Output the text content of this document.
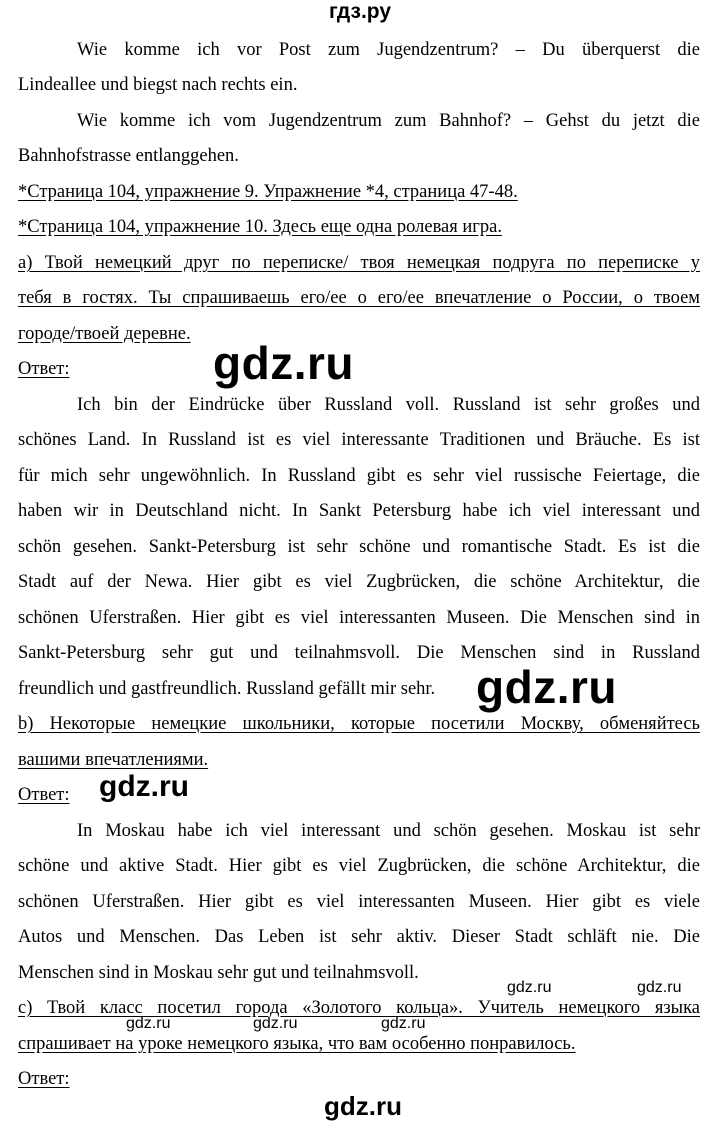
гдз.ру
Wie komme ich vor Post zum Jugendzentrum? – Du überquerst die
Lindeallee und biegst nach rechts ein.
Wie komme ich vom Jugendzentrum zum Bahnhof? – Gehst du jetzt die
Bahnhofstrasse entlanggehen.
*Страница 104, упражнение 9. Упражнение *4, страница 47-48.
*Страница 104, упражнение 10. Здесь еще одна ролевая игра.
а) Твой немецкий друг по переписке/ твоя немецкая подруга по переписке у
тебя в гостях. Ты спрашиваешь его/ее о его/ее впечатление о России, о твоем
городе/твоей деревне.
Ответ:
Ich bin der Eindrücke über Russland voll. Russland ist sehr großes und
schönes Land. In Russland ist es viel interessante Traditionen und Bräuche. Es ist
für mich sehr ungewöhnlich. In Russland gibt es sehr viel russische Feiertage, die
haben wir in Deutschland nicht. In Sankt Petersburg habe ich viel interessant und
schön gesehen. Sankt-Petersburg ist sehr schöne und romantische Stadt. Es ist die
Stadt auf der Newa. Hier gibt es viel Zugbrücken, die schöne Architektur, die
schönen Uferstraßen. Hier gibt es viel interessanten Museen. Die Menschen sind in
Sankt-Petersburg sehr gut und teilnahmsvoll. Die Menschen sind in Russland
freundlich und gastfreundlich. Russland gefällt mir sehr.
b) Некоторые немецкие школьники, которые посетили Москву, обменяйтесь
вашими впечатлениями.
Ответ:
In Moskau habe ich viel interessant und schön gesehen. Moskau ist sehr
schöne und aktive Stadt. Hier gibt es viel Zugbrücken, die schöne Architektur, die
schönen Uferstraßen. Hier gibt es viel interessanten Museen. Hier gibt es viele
Autos und Menschen. Das Leben ist sehr aktiv. Dieser Stadt schläft nie. Die
Menschen sind in Moskau sehr gut und teilnahmsvoll.
с) Твой класс посетил города «Золотого кольца». Учитель немецкого языка
спрашивает на уроке немецкого языка, что вам особенно понравилось.
Ответ:
gdz.ru
gdz.ru
gdz.ru
gdz.ru	gdz.ru
gdz.ru	gdz.ru	gdz.ru
gdz.ru
